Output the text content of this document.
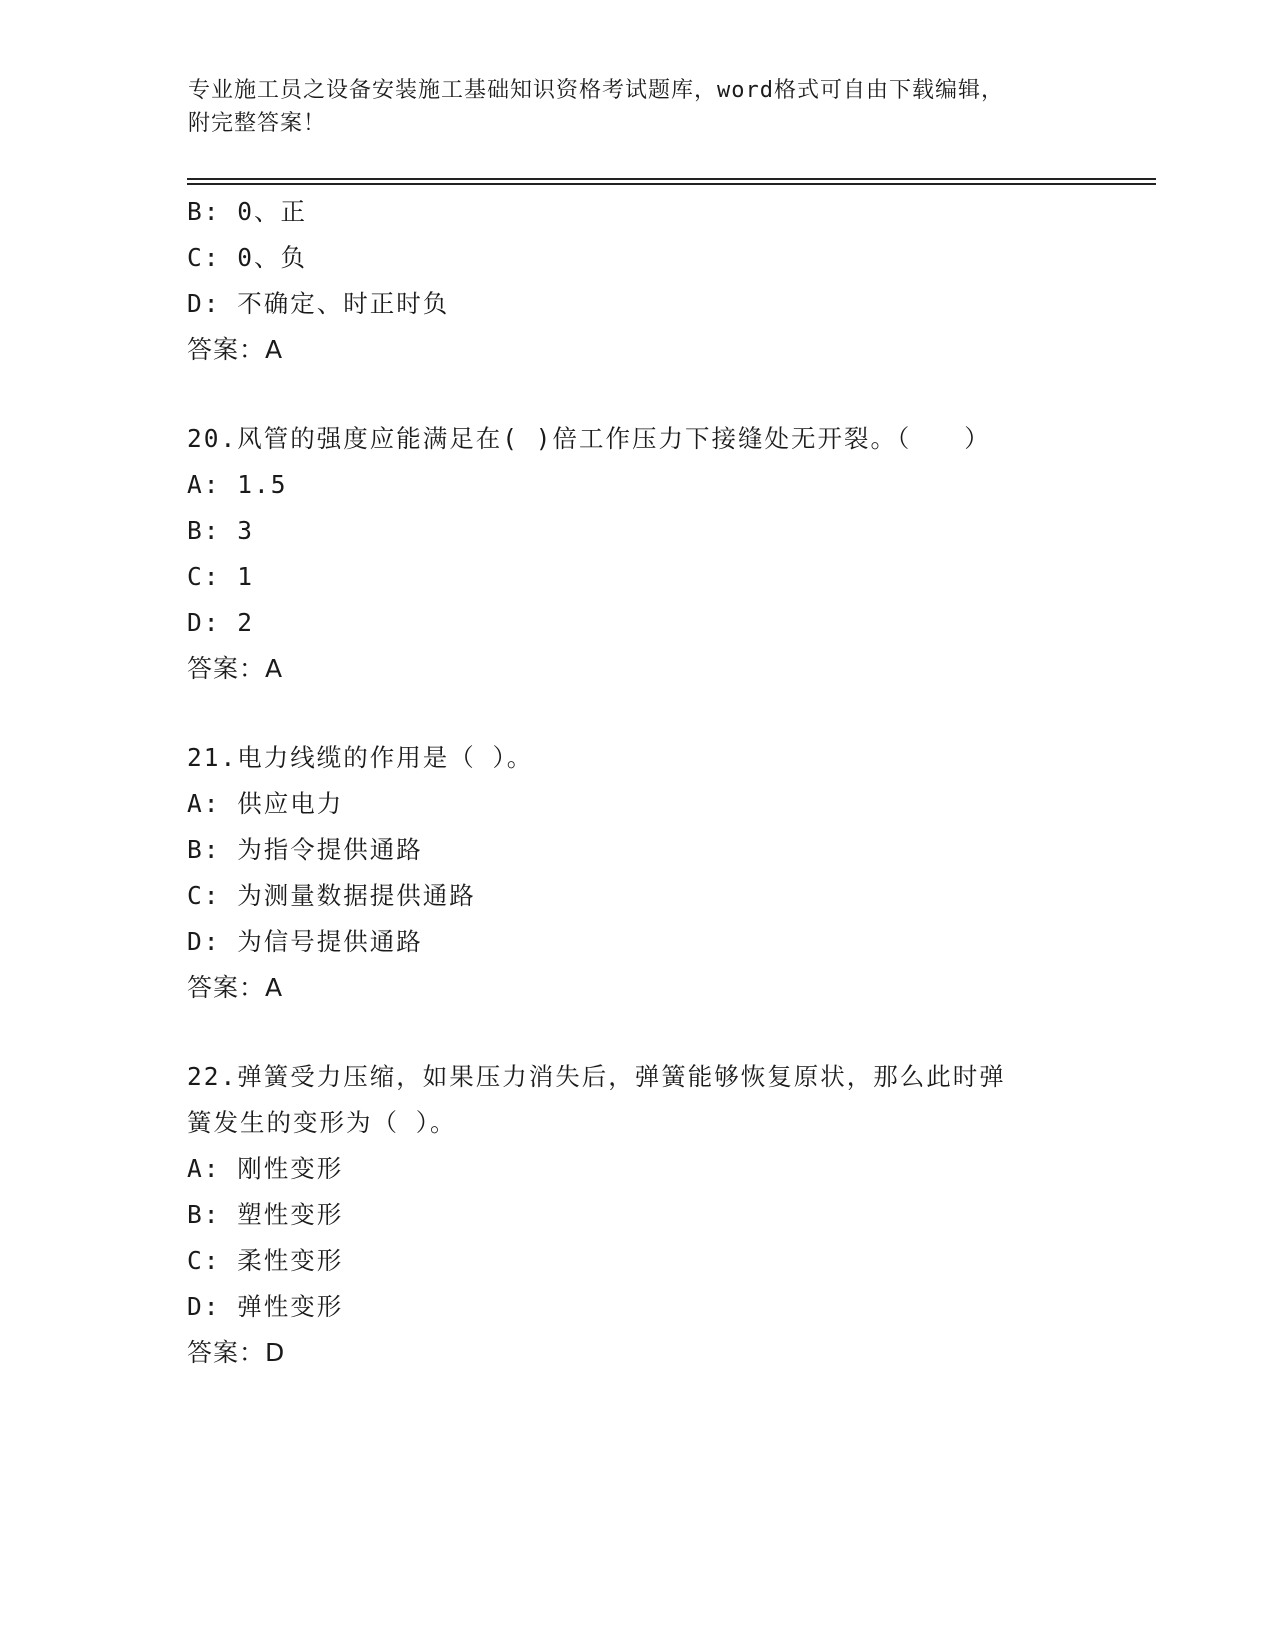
专业施工员之设备安装施工基础知识资格考试题库，word格式可自由下载编辑，
附完整答案！
B: 0、正
C: 0、负
D: 不确定、时正时负
答案：A
20.风管的强度应能满足在( )倍工作压力下接缝处无开裂。（　　）
A: 1.5
B: 3
C: 1
D: 2
答案：A
21.电力线缆的作用是（ ）。
A: 供应电力
B: 为指令提供通路
C: 为测量数据提供通路
D: 为信号提供通路
答案：A
22.弹簧受力压缩，如果压力消失后，弹簧能够恢复原状，那么此时弹
簧发生的变形为（ ）。
A: 刚性变形
B: 塑性变形
C: 柔性变形
D: 弹性变形
答案：D
